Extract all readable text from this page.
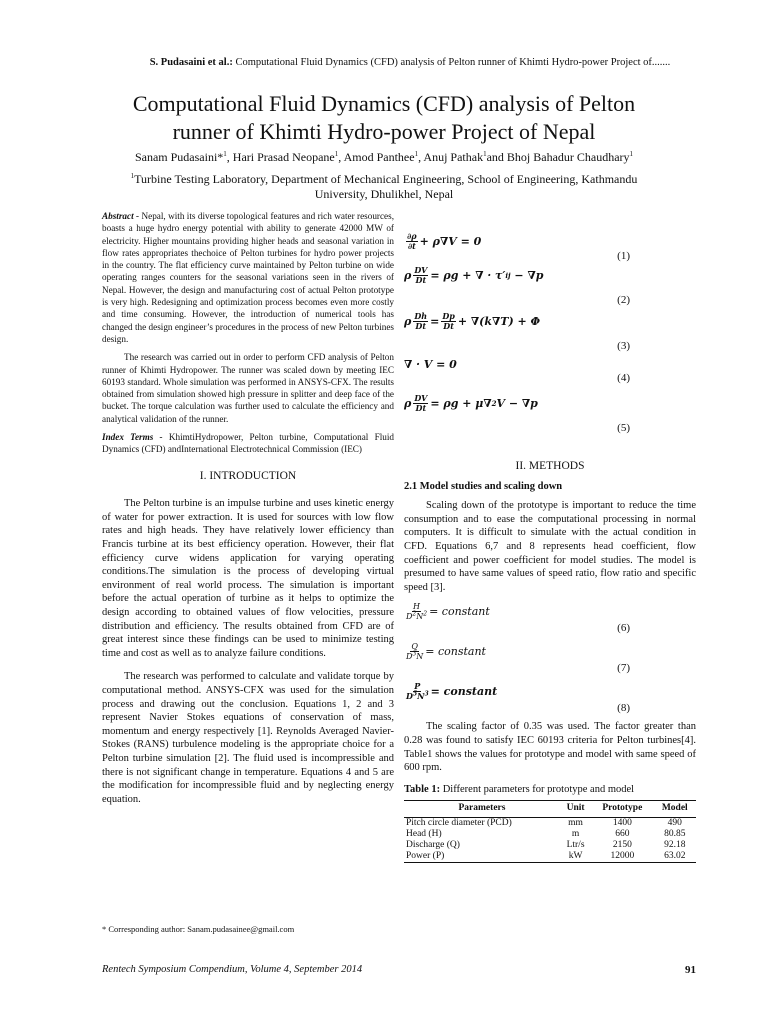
S. Pudasaini et al.: Computational Fluid Dynamics (CFD) analysis of Pelton runner of Khimti Hydro-power Project of.......
Computational Fluid Dynamics (CFD) analysis of Pelton
runner of Khimti Hydro-power Project of Nepal
Sanam Pudasaini*$^1$, Hari Prasad Neopane$^1$, Amod Panthee$^1$, Anuj Pathak$^1$and Bhoj Bahadur Chaudhary$^1$
$^1$Turbine Testing Laboratory, Department of Mechanical Engineering, School of Engineering, Kathmandu
University, Dhulikhel, Nepal

Abstract - Nepal, with its diverse topological features and rich water resources, boasts a huge hydro energy potential with ability to generate 42000 MW of electricity. Higher mountains providing higher heads and seasonal variation in flow rates appropriates thechoice of Pelton turbines for hydro power projects in the country. The flat efficiency curve maintained by Pelton turbine on wide operating ranges counters for the seasonal variations seen in the rivers of Nepal. However, the design and manufacturing cost of actual Pelton prototype is very high. Redesigning and optimization process becomes even more costly and time consuming. However, the introduction of numerical tools has changed the design engineer’s procedures in the process of new Pelton turbines design.

The research was carried out in order to perform CFD analysis of Pelton runner of Khimti Hydropower. The runner was scaled down by meeting IEC 60193 standard. Whole simulation was performed in ANSYS-CFX. The results obtained from simulation showed high pressure in splitter and deep face of the bucket. The torque calculation was further used to calculate the efficiency and analytical validation of the runner.

Index Terms - KhimtiHydropower, Pelton turbine, Computational Fluid Dynamics (CFD) andInternational Electrotechnical Commission (IEC)

I. INTRODUCTION

The Pelton turbine is an impulse turbine and uses kinetic energy of water for power extraction. It is used for sources with low flow rates and high heads. They have relatively lower efficiency than Francis turbine at its best efficiency operation. However, their flat efficiency curve widens application for varying operating conditions.The simulation is the process of developing virtual environment of real world process. The simulation is important before the actual operation of turbine as it helps to optimize the design according to obtained values of flow velocities, pressure distribution and efficiency. The results obtained from CFD are of great interest since these findings can be used to minimize testing time and cost as well as to analyze failure conditions.

The research was performed to calculate and validate torque by computational method. ANSYS-CFX was used for the simulation process and drawing out the conclusion. Equations 1, 2 and 3 represent Navier Stokes equations of conservation of mass, momentum and energy respectively [1]. Reynolds Averaged Navier-Stokes (RANS) turbulence modeling is the appropriate choice for a Pelton turbine simulation [2]. The fluid used is incompressible and there is not significant change in temperature. Equations 4 and 5 are the modification for incompressible fluid and by neglecting energy equation.

* Corresponding author: Sanam.pudasainee@gmail.com
$\frac{\partial\rho}{\partial t} + \rho\nabla V = 0$
(1)
ρ $\frac{DV}{Dt} = \rho g$ + ∇ · τ′ ij − ∇p
(2)
ρ $\frac{Dh}{Dt} = \frac{Dp}{Dt} + \nabla(k\nabla T) + \Phi$
(3)
∇ · V = 0
(4)
ρ $\frac{DV}{Dt} = \rho g + \mu\nabla$ 2 V − ∇p
(5)
II. METHODS
2.1 Model studies and scaling down

Scaling down of the prototype is important to reduce the time consumption and to ease the computational processing in normal computers. It is difficult to simulate with the actual condition in CFD. Equations 6,7 and 8 represents head coefficient, flow coefficient and power coefficient for model studies. The model is presumed to have same values of speed ratio, flow ratio and specific speed [3].

$\frac{H}{D^2N^2}$ = constant
(6)
$\frac{Q}{D^3N}$ = constant
(7)
$\frac{P}{D^5N^3}$ = constant
(8)

The scaling factor of 0.35 was used. The factor greater than 0.28 was found to satisfy IEC 60193 criteria for Pelton turbines[4]. Table1 shows the values for prototype and model with same speed of 600 rpm.

Table 1: Different parameters for prototype and model
Parameters	Unit	Prototype	Model
Pitch circle diameter (PCD)	mm	1400	490
Head (H)	m	660	80.85
Discharge (Q)	Ltr/s	2150	92.18
Power (P)	kW	12000	63.02
Rentech Symposium Compendium, Volume 4, September 2014	91
